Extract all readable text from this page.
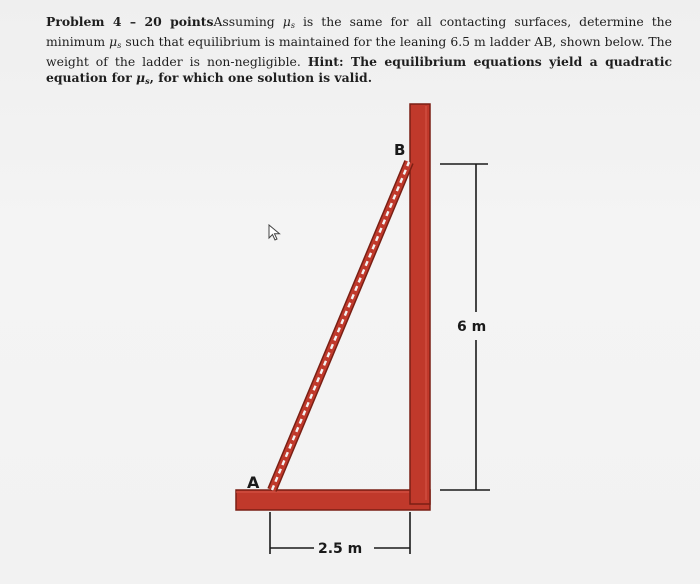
Problem 4 – 20 pointsAssuming $\mu_s$ is the same for all contacting surfaces, determine the minimum $\mu_s$ such that equilibrium is maintained for the leaning 6.5 m ladder AB, shown below. The weight of the ladder is non-negligible. Hint: The equilibrium equations yield a quadratic equation for $\mu_s$, for which one solution is valid.
A
B
6 m
2.5 m
